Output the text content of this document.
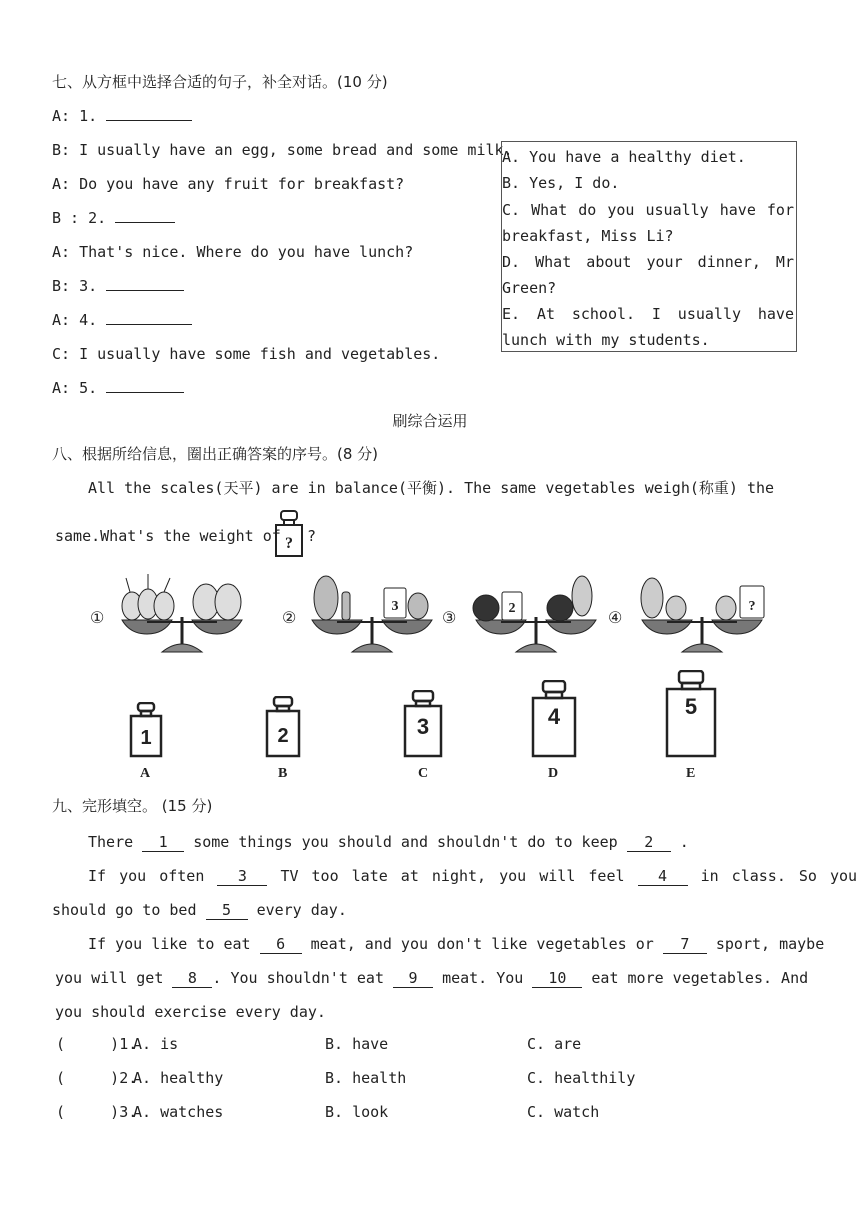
七、从方框中选择合适的句子，补全对话。(10 分)
A: 1.
B: I usually have an egg, some bread and some milk.
A: Do you have any fruit for breakfast?
B : 2.
A: That's nice. Where do you have lunch?
B: 3.
A: 4.
C: I usually have some fish and vegetables.
A: 5.
A. You have a healthy diet.
B. Yes, I do.
C. What do you usually have for breakfast, Miss Li?
D. What about your dinner, Mr Green?
E. At school. I usually have lunch with my students.
刷综合运用
八、根据所给信息，圈出正确答案的序号。(8 分)
All the scales(天平) are in balance(平衡). The same vegetables weigh(称重) the
same.What's the weight of ? ?
①	②
3
③	2	④
?
1
A
2
B
3
C
4
D
5
E
九、完形填空。 (15 分)
There 1 some things you should and shouldn't do to keep 2 .
If you often 3 TV too late at night, you will feel 4 in class. So you
should go to bed 5 every day.
If you like to eat 6 meat, and you don't like vegetables or 7 sport, maybe
you will get 8 . You shouldn't eat 9 meat. You 10 eat more vegetables. And
you should exercise every day.
(     )1.
A. is	B. have	C. are
(     )2.
A. healthy	B. health	C. healthily
(     )3.
A. watches	B. look	C. watch
